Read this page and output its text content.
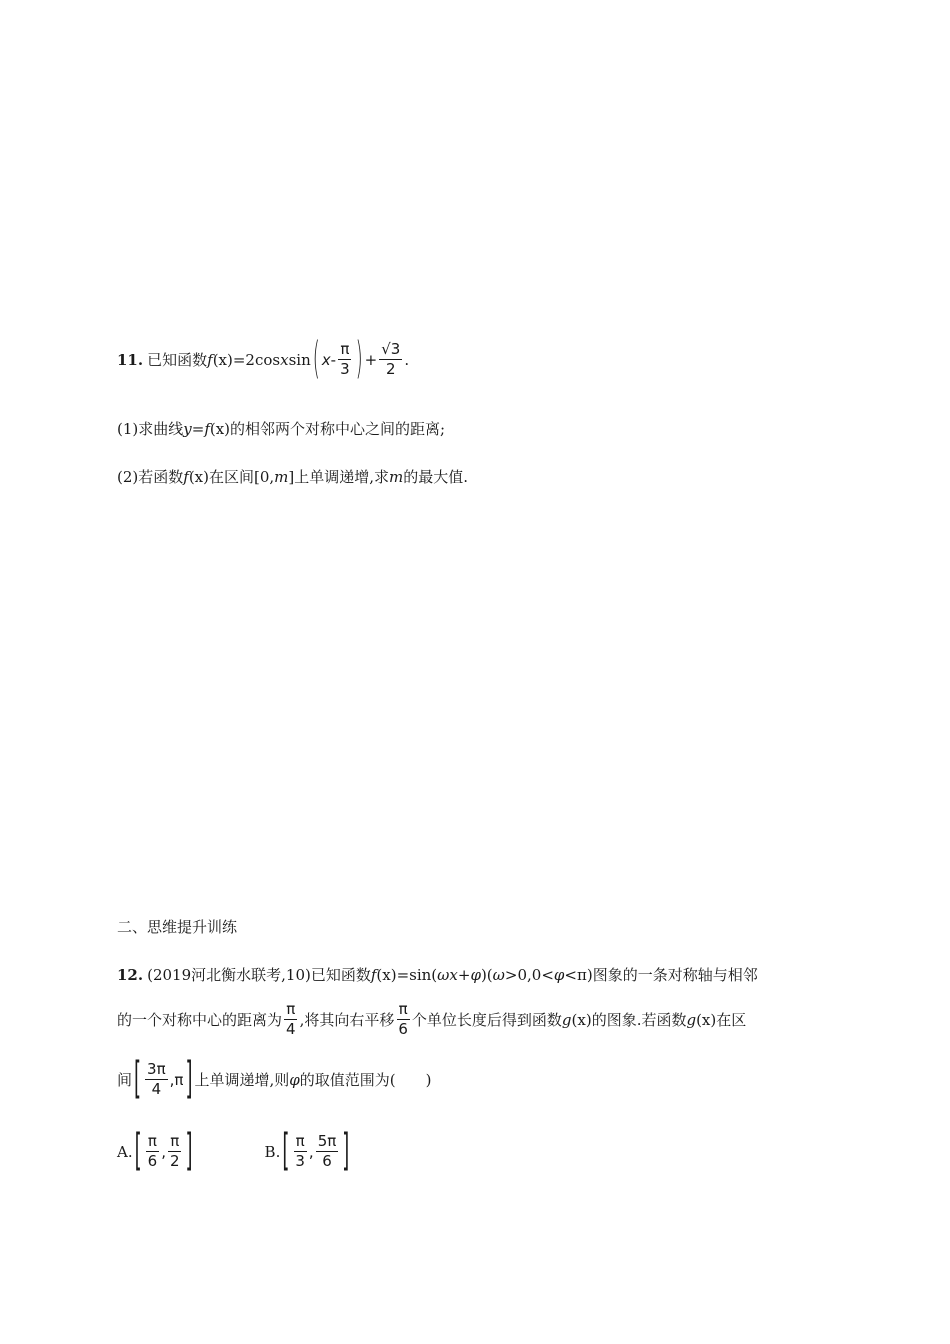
11. 已知函数 f (x) =2cos x sin ( x - $\frac{\pi}{3}$ ) + $\frac{√3}{2}$ .
(1)求曲线 y = f (x) 的相邻两个对称中心之间的距离;
(2)若函数 f (x) 在区间[0, m ]上单调递增,求 m 的最大值.
二、思维提升训练
12. (2019河北衡水联考,10)已知函数 f (x) =sin( ω x + φ )( ω >0,0< φ <π)图象的一条对称轴与相邻
的一个对称中心的距离为 $\frac{\pi}{4}$ ,将其向右平移 $\frac{\pi}{6}$ 个单位长度后得到函数 g (x) 的图象.若函数 g (x) 在区
间 [ $\frac{3\pi}{4} ,\pi$ ] 上单调递增,则 φ 的取值范围为(　　)
A. [ $\frac{\pi}{6}$ , $\frac{\pi}{2}$ ]	B. [ $\frac{\pi}{3}$ , $\frac{5\pi}{6}$ ]
